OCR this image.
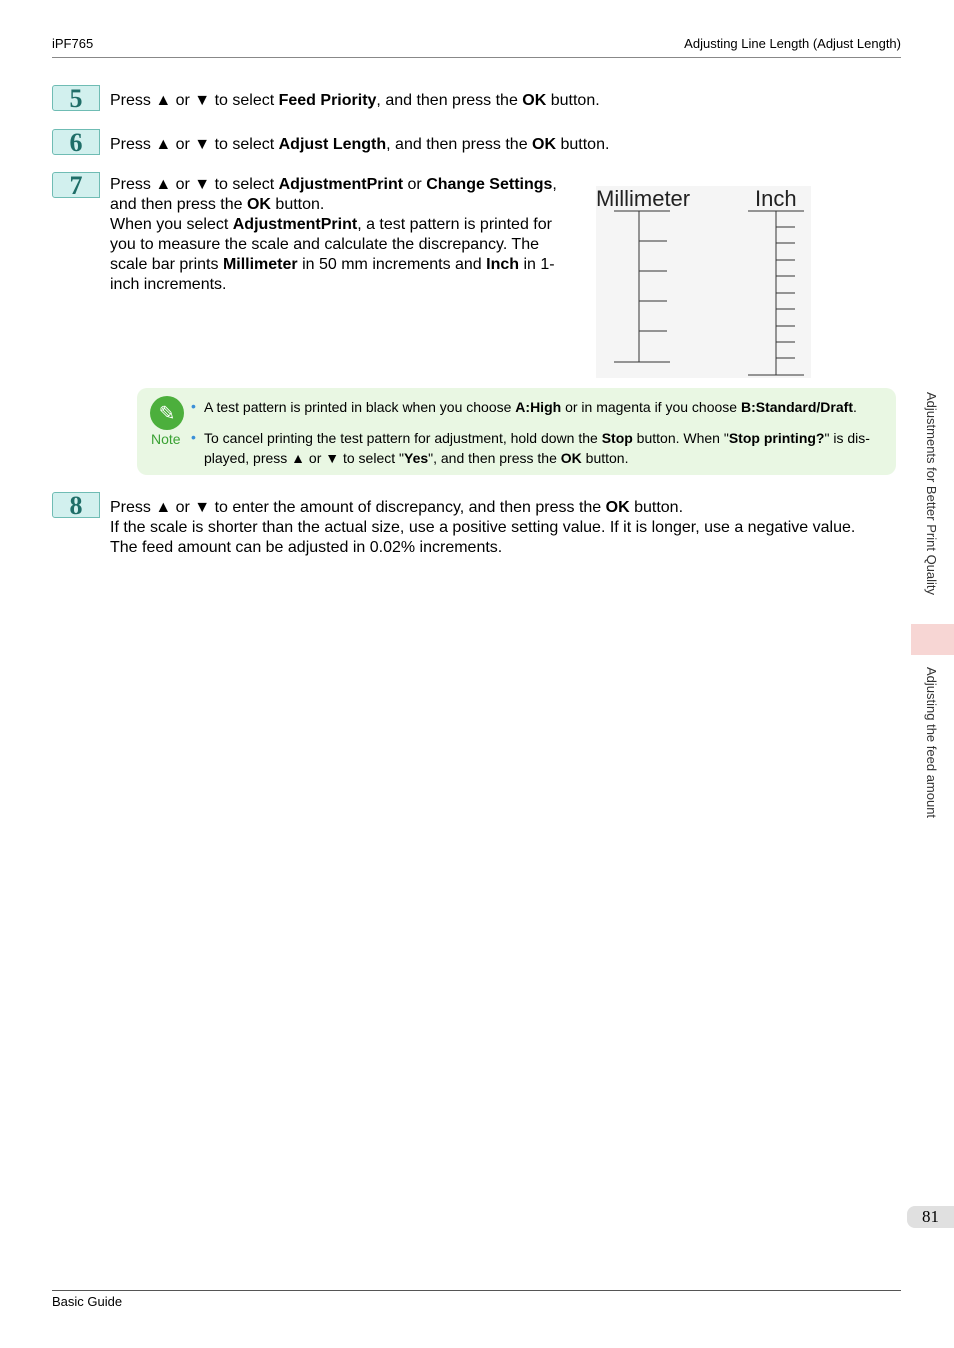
iPF765	Adjusting Line Length (Adjust Length)
5	Press ▲ or ▼ to select Feed Priority, and then press the OK button.
6	Press ▲ or ▼ to select Adjust Length, and then press the OK button.
7	Press ▲ or ▼ to select AdjustmentPrint or Change Settings,
and then press the OK button.
When you select AdjustmentPrint, a test pattern is printed for you to measure the scale and calculate the discrepancy. The scale bar prints Millimeter in 50 mm increments and Inch in 1-inch increments.
Millimeter	Inch
✎
Note
• A test pattern is printed in black when you choose A:High or in magenta if you choose B:Standard/Draft.
• To cancel printing the test pattern for adjustment, hold down the Stop button. When "Stop printing?" is dis-
played, press ▲ or ▼ to select "Yes", and then press the OK button.
8	Press ▲ or ▼ to enter the amount of discrepancy, and then press the OK button.
If the scale is shorter than the actual size, use a positive setting value. If it is longer, use a negative value.
The feed amount can be adjusted in 0.02% increments.	Adjustments for Better Print Quality
Adjusting the feed amount
81
Basic Guide
